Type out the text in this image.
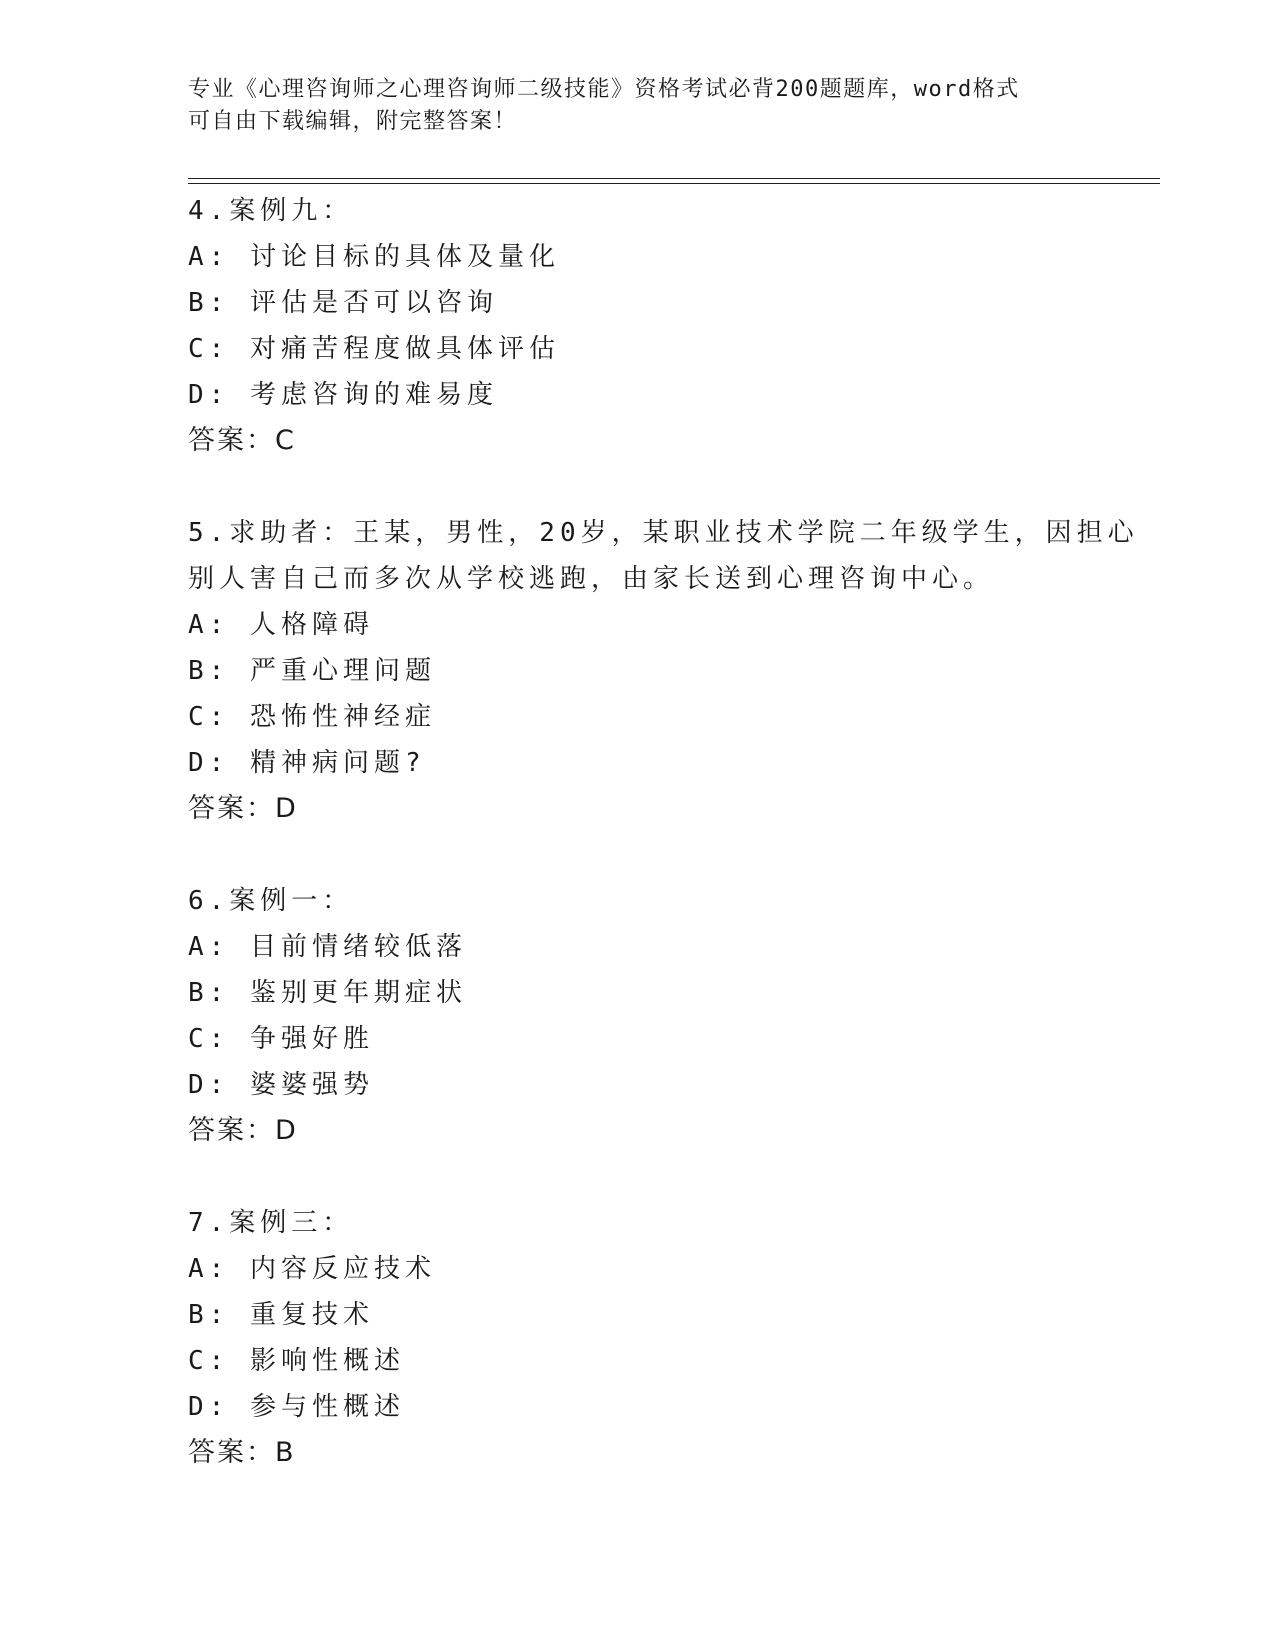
专业《心理咨询师之心理咨询师二级技能》资格考试必背200题题库，word格式
可自由下载编辑，附完整答案！
4.案例九：
A: 讨论目标的具体及量化
B: 评估是否可以咨询
C: 对痛苦程度做具体评估
D: 考虑咨询的难易度
答案：C
5.求助者：王某，男性，20岁，某职业技术学院二年级学生，因担心
别人害自己而多次从学校逃跑，由家长送到心理咨询中心。
A: 人格障碍
B: 严重心理问题
C: 恐怖性神经症
D: 精神病问题?
答案：D
6.案例一：
A: 目前情绪较低落
B: 鉴别更年期症状
C: 争强好胜
D: 婆婆强势
答案：D
7.案例三：
A: 内容反应技术
B: 重复技术
C: 影响性概述
D: 参与性概述
答案：B
